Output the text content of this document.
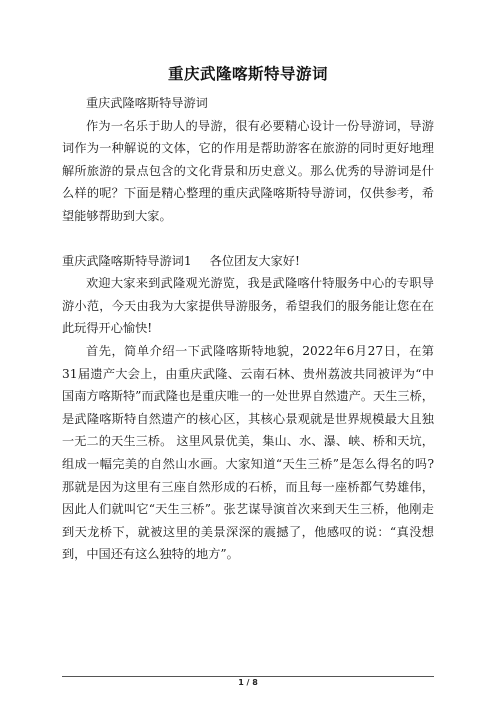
重庆武隆喀斯特导游词

重庆武隆喀斯特导游词

作为一名乐于助人的导游，很有必要精心设计一份导游词，导游词作为一种解说的文体，它的作用是帮助游客在旅游的同时更好地理解所旅游的景点包含的文化背景和历史意义。那么优秀的导游词是什么样的呢？下面是精心整理的重庆武隆喀斯特导游词，仅供参考，希望能够帮助到大家。

重庆武隆喀斯特导游词1 各位团友大家好!

欢迎大家来到武隆观光游览，我是武隆喀什特服务中心的专职导游小范，今天由我为大家提供导游服务，希望我们的服务能让您在在此玩得开心愉快!

首先，简单介绍一下武隆喀斯特地貌，2022年6月27日，在第31届遗产大会上，由重庆武隆、云南石林、贵州荔波共同被评为“中国南方喀斯特”而武隆也是重庆唯一的一处世界自然遗产。天生三桥，是武隆喀斯特自然遗产的核心区，其核心景观就是世界规模最大且独一无二的天生三桥。 这里风景优美，集山、水、瀑、峡、桥和天坑，组成一幅完美的自然山水画。大家知道“天生三桥”是怎么得名的吗?那就是因为这里有三座自然形成的石桥，而且每一座桥都气势雄伟，因此人们就叫它“天生三桥”。张艺谋导演首次来到天生三桥，他刚走到天龙桥下，就被这里的美景深深的震撼了，他感叹的说：“真没想到，中国还有这么独特的地方”。

1 / 8
